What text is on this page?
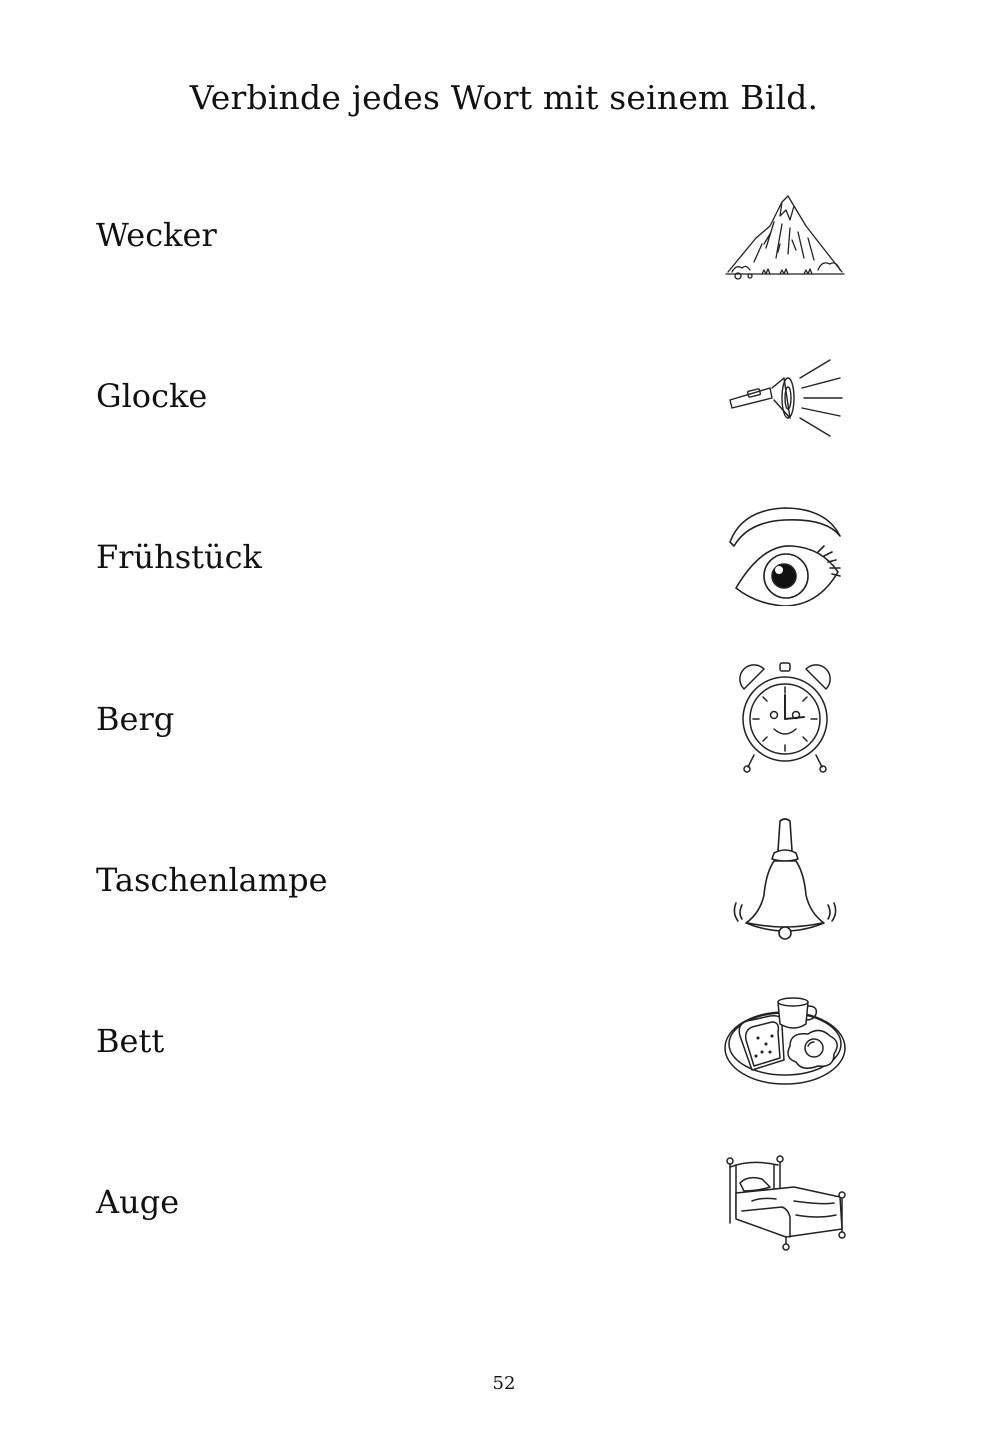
Verbinde jedes Wort mit seinem Bild.
Wecker
Glocke
Frühstück
Berg
Taschenlampe
Bett
Auge
52
